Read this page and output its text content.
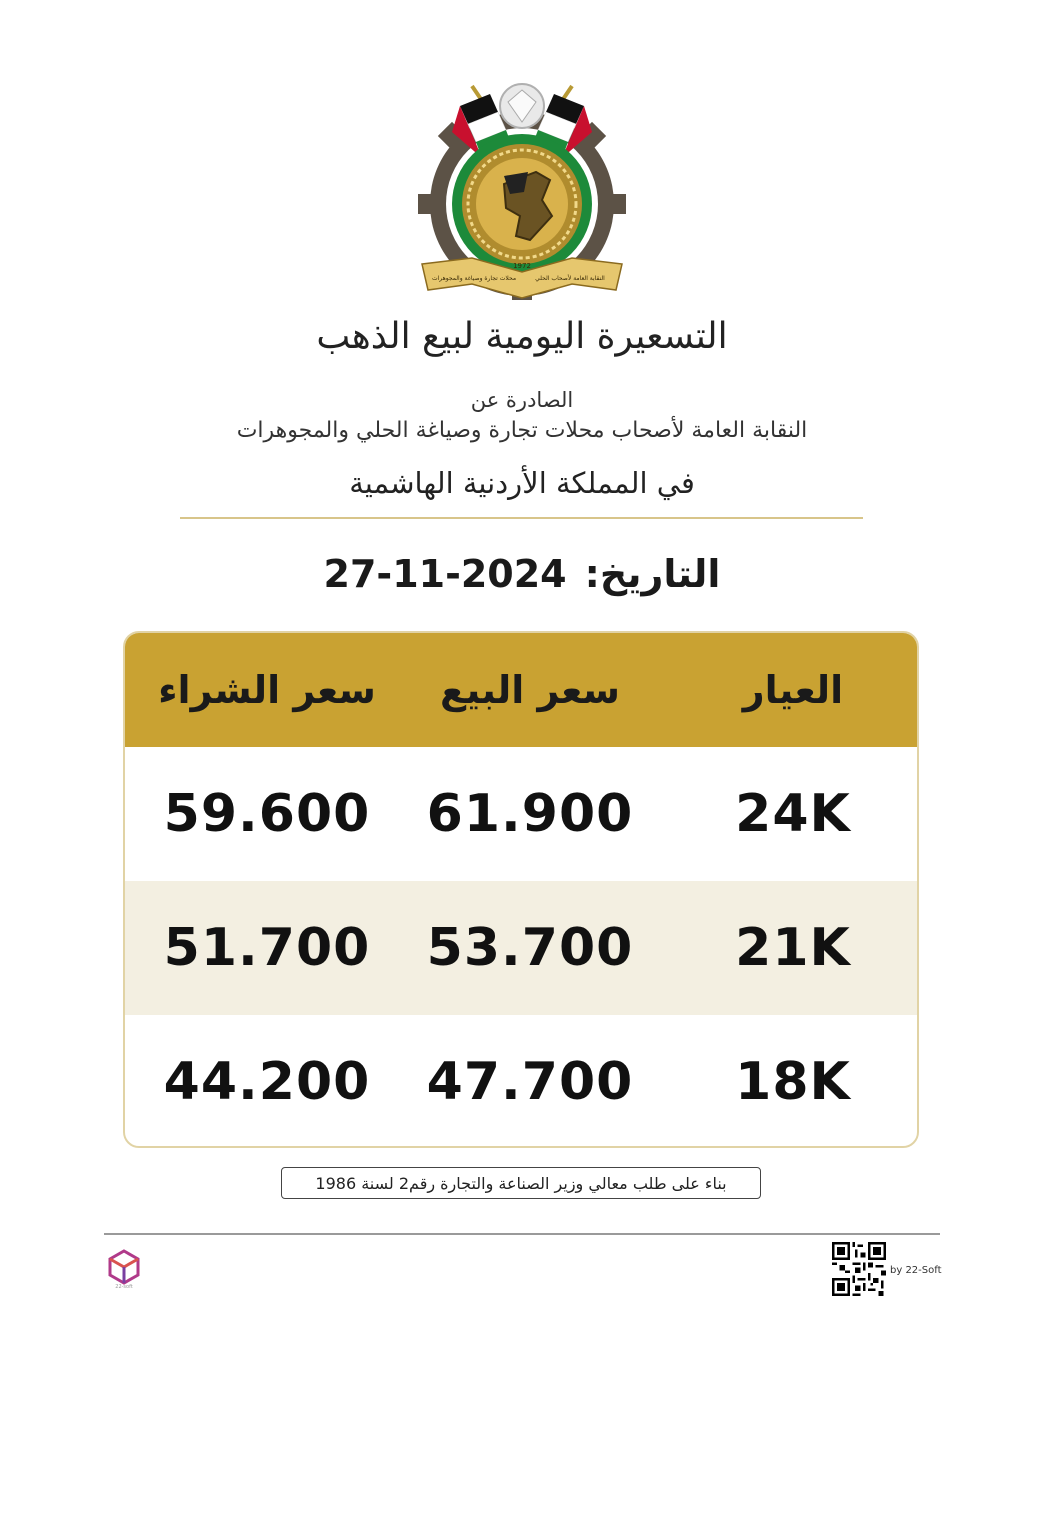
1972
محلات تجارة وصياغة والمجوهرات	النقابة العامة لأصحاب الحلي
التسعيرة اليومية لبيع الذهب
الصادرة عن
النقابة العامة لأصحاب محلات تجارة وصياغة الحلي والمجوهرات
في المملكة الأردنية الهاشمية
التاريخ:27-11-2024
العيار
سعر البيع
سعر الشراء
24K
61.900
59.600
21K
53.700
51.700
18K
47.700
44.200
بناء على طلب معالي وزير الصناعة والتجارة رقم2 لسنة 1986
22-soft
by 22-Soft
